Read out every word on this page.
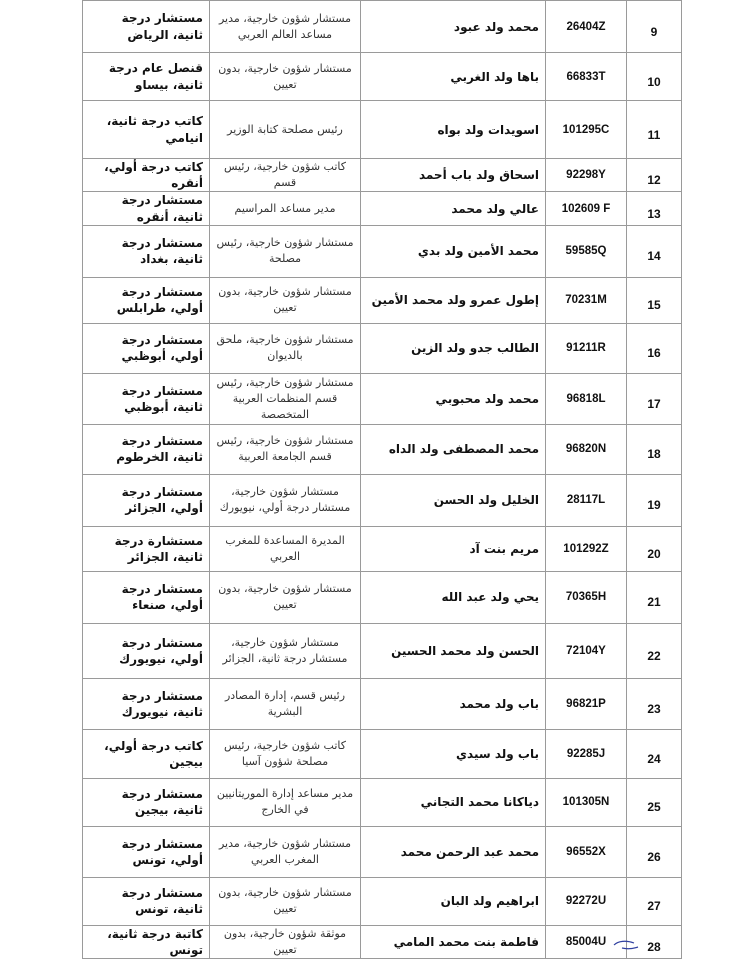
مستشار درجة ثانية، الرياض	مستشار شؤون خارجية، مدير مساعد العالم العربي	محمد ولد عبود	26404Z	9
قنصل عام درجة ثانية، بيساو	مستشار شؤون خارجية، بدون تعيين	باها ولد الغربي	66833T	10
كاتب درجة ثانية، انيامي	رئيس مصلحة كتابة الوزير	اسويدات ولد بواه	101295C	11
كاتب درجة أولي، أنقره	كاتب شؤون خارجية، رئيس قسم	اسحاق ولد باب أحمد	92298Y	12
مستشار درجة ثانية، أنقره	مدير مساعد المراسيم	عالي ولد محمد	102609 F	13
مستشار درجة ثانية، بغداد	مستشار شؤون خارجية، رئيس مصلحة	محمد الأمين ولد بدي	59585Q	14
مستشار درجة أولي، طرابلس	مستشار شؤون خارجية، بدون تعيين	إطول عمرو ولد محمد الأمين	70231M	15
مستشار درجة أولي، أبوظبي	مستشار شؤون خارجية، ملحق بالديوان	الطالب جدو ولد الزين	91211R	16
مستشار درجة ثانية، أبوظبي	مستشار شؤون خارجية، رئيس قسم المنظمات العربية المتخصصة	محمد ولد محبوبي	96818L	17
مستشار درجة ثانية، الخرطوم	مستشار شؤون خارجية، رئيس قسم الجامعة العربية	محمد المصطفى ولد الداه	96820N	18
مستشار درجة أولي، الجزائر	مستشار شؤون خارجية، مستشار درجة أولي، نيويورك	الخليل ولد الحسن	28117L	19
مستشارة درجة ثانية، الجزائر	المديرة المساعدة للمغرب العربي	مريم بنت آد	101292Z	20
مستشار درجة أولي، صنعاء	مستشار شؤون خارجية، بدون تعيين	يحي ولد عبد الله	70365H	21
مستشار درجة أولي، نيويورك	مستشار شؤون خارجية، مستشار درجة ثانية، الجزائر	الحسن ولد محمد الحسين	72104Y	22
مستشار درجة ثانية، نيويورك	رئيس قسم، إدارة المصادر البشرية	باب ولد محمد	96821P	23
كاتب درجة أولي، بيجين	كاتب شؤون خارجية، رئيس مصلحة شؤون آسيا	باب ولد سيدي	92285J	24
مستشار درجة ثانية، بيجين	مدير مساعد إدارة الموريتانيين في الخارج	دياكانا محمد التجاني	101305N	25
مستشار درجة أولي، تونس	مستشار شؤون خارجية، مدير المغرب العربي	محمد عبد الرحمن محمد	96552X	26
مستشار درجة ثانية، تونس	مستشار شؤون خارجية، بدون تعيين	ابراهيم ولد البان	92272U	27
كاتبة درجة ثانية، تونس	موثقة شؤون خارجية، بدون تعيين	فاطمة بنت محمد المامي	85004U	28
